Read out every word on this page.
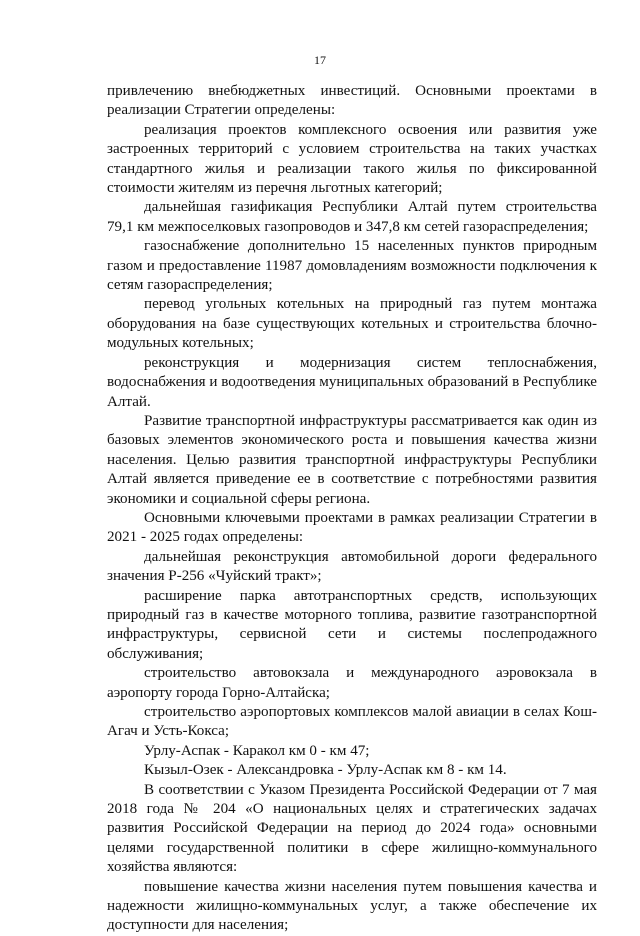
17

привлечению внебюджетных инвестиций. Основными проектами в реализации Стратегии определены:

реализация проектов комплексного освоения или развития уже застроенных территорий с условием строительства на таких участках стандартного жилья и реализации такого жилья по фиксированной стоимости жителям из перечня льготных категорий;

дальнейшая газификация Республики Алтай путем строительства 79,1 км межпоселковых газопроводов и 347,8 км сетей газораспределения;

газоснабжение дополнительно 15 населенных пунктов природным газом и предоставление 11987 домовладениям возможности подключения к сетям газораспределения;

перевод угольных котельных на природный газ путем монтажа оборудования на базе существующих котельных и строительства блочно-модульных котельных;

реконструкция и модернизация систем теплоснабжения, водоснабжения и водоотведения муниципальных образований в Республике Алтай.

Развитие транспортной инфраструктуры рассматривается как один из базовых элементов экономического роста и повышения качества жизни населения. Целью развития транспортной инфраструктуры Республики Алтай является приведение ее в соответствие с потребностями развития экономики и социальной сферы региона.

Основными ключевыми проектами в рамках реализации Стратегии в 2021 - 2025 годах определены:

дальнейшая реконструкция автомобильной дороги федерального значения Р-256 «Чуйский тракт»;

расширение парка автотранспортных средств, использующих природный газ в качестве моторного топлива, развитие газотранспортной инфраструктуры, сервисной сети и системы послепродажного обслуживания;

строительство автовокзала и международного аэровокзала в аэропорту города Горно-Алтайска;

строительство аэропортовых комплексов малой авиации в селах Кош-Агач и Усть-Кокса;

Урлу-Аспак - Каракол км 0 - км 47;

Кызыл-Озек - Александровка - Урлу-Аспак км 8 - км 14.

В соответствии с Указом Президента Российской Федерации от 7 мая 2018 года № 204 «О национальных целях и стратегических задачах развития Российской Федерации на период до 2024 года» основными целями государственной политики в сфере жилищно-коммунального хозяйства являются:

повышение качества жизни населения путем повышения качества и надежности жилищно-коммунальных услуг, а также обеспечение их доступности для населения;
